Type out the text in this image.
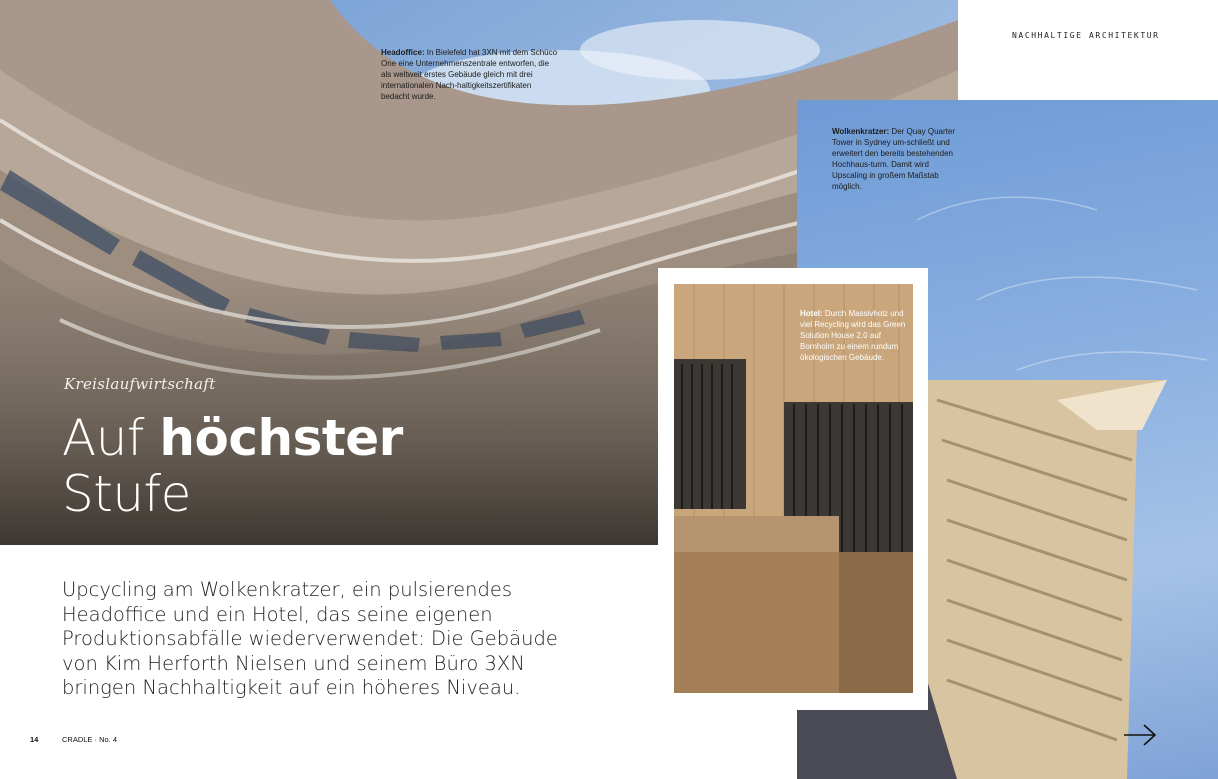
Kreislaufwirtschaft
Auf höchster
Stufe
Headoffice: In Bielefeld hat 3XN mit dem Schüco One eine Unternehmenszentrale entworfen, die als weltweit erstes Gebäude gleich mit drei internationalen Nach-haltigkeitszertifikaten bedacht wurde.
NACHHALTIGE ARCHITEKTUR
Wolkenkratzer: Der Quay Quarter Tower in Sydney um-schließt und erweitert den bereits bestehenden Hochhaus-turm. Damit wird Upscaling in großem Maßstab möglich.
Hotel: Durch Massivholz und viel Recycling wird das Green Solution House 2.0 auf Bornholm zu einem rundum ökologischen Gebäude.
Upcycling am Wolkenkratzer, ein pulsierendes Headoffice und ein Hotel, das seine eigenen Produktionsabfälle wiederverwendet: Die Gebäude von Kim Herforth Nielsen und seinem Büro 3XN bringen Nachhaltigkeit auf ein höheres Niveau.
14	CRADLE · No. 4
